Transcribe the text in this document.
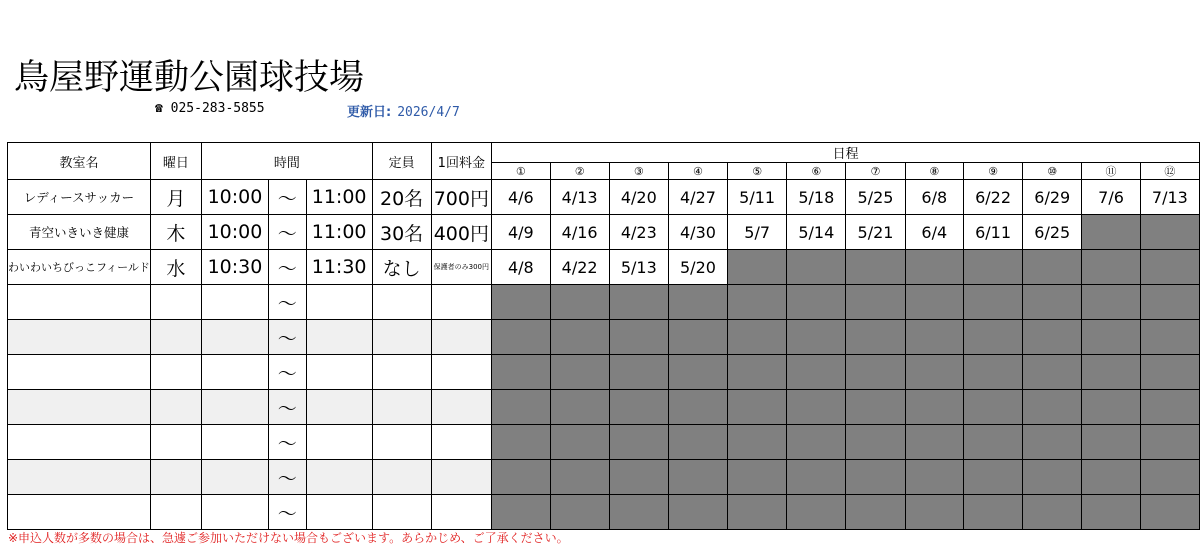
鳥屋野運動公園球技場
☎ 025-283-5855	更新日: 2026/4/7
教室名	曜日	時間			定員	1回料金	日程											
							①	②	③	④	⑤	⑥	⑦	⑧	⑨	⑩	⑪	⑫
レディースサッカー	月	10:00	～	11:00	20名	700円	4/6	4/13	4/20	4/27	5/11	5/18	5/25	6/8	6/22	6/29	7/6	7/13
青空いきいき健康	木	10:00	～	11:00	30名	400円	4/9	4/16	4/23	4/30	5/7	5/14	5/21	6/4	6/11	6/25		
わいわいちびっこフィールド	水	10:30	～	11:30	なし	保護者のみ300円	4/8	4/22	5/13	5/20								
			～															
			～															
			～															
			～															
			～															
			～															
			～															
※申込人数が多数の場合は、急遽ご参加いただけない場合もございます。あらかじめ、ご了承ください。
